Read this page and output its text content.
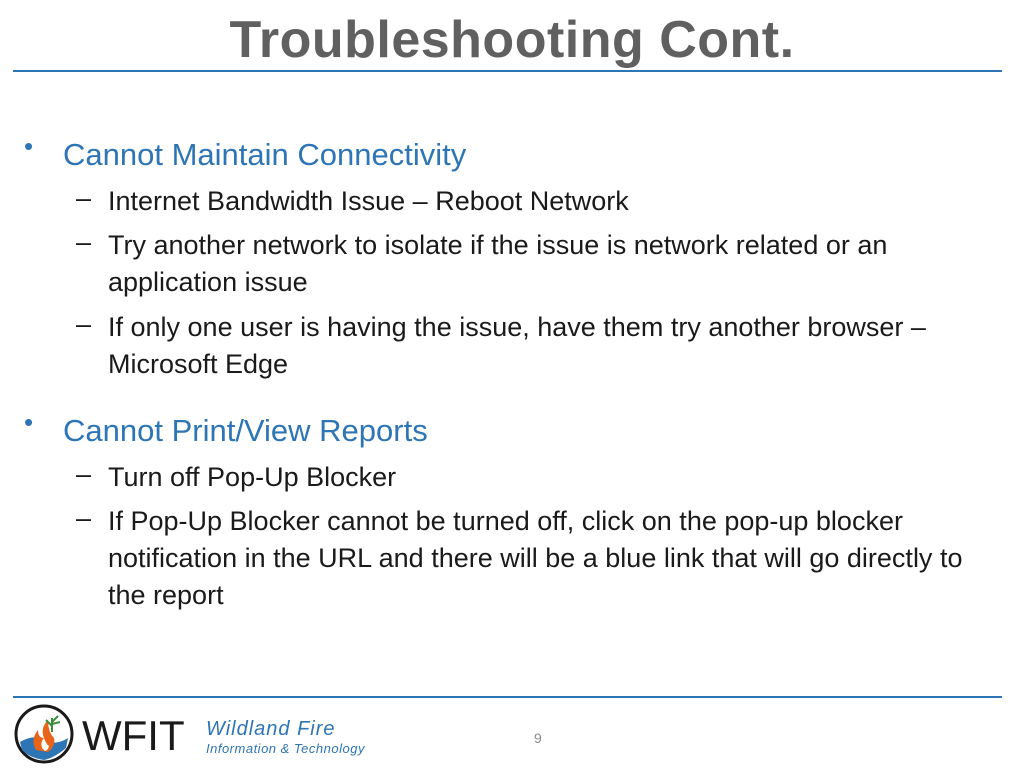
Troubleshooting Cont.
• Cannot Maintain Connectivity
– Internet Bandwidth Issue – Reboot Network
– Try another network to isolate if the issue is network related or an application issue
– If only one user is having the issue, have them try another browser – Microsoft Edge
• Cannot Print/View Reports
– Turn off Pop-Up Blocker
– If Pop-Up Blocker cannot be turned off, click on the pop-up blocker notification in the URL and there will be a blue link that will go directly to the report
WFIT Wildland Fire
Information & Technology
9
